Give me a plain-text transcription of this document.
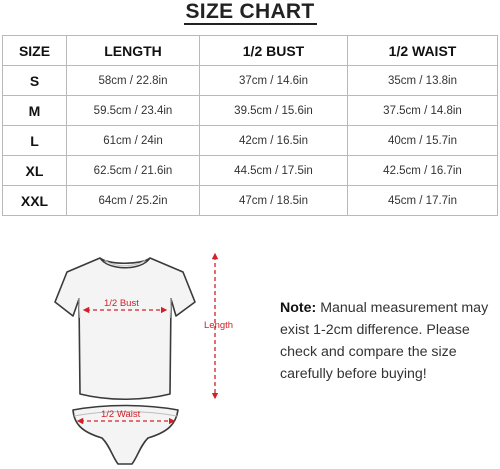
SIZE CHART
SIZE	LENGTH	1/2 BUST	1/2 WAIST
S	58cm / 22.8in	37cm / 14.6in	35cm / 13.8in
M	59.5cm / 23.4in	39.5cm / 15.6in	37.5cm / 14.8in
L	61cm / 24in	42cm / 16.5in	40cm / 15.7in
XL	62.5cm / 21.6in	44.5cm / 17.5in	42.5cm / 16.7in
XXL	64cm / 25.2in	47cm / 18.5in	45cm / 17.7in
1/2 Bust
1/2 Waist
Length
Note: Manual measurement may exist 1-2cm difference. Please check and compare the size carefully before buying!
